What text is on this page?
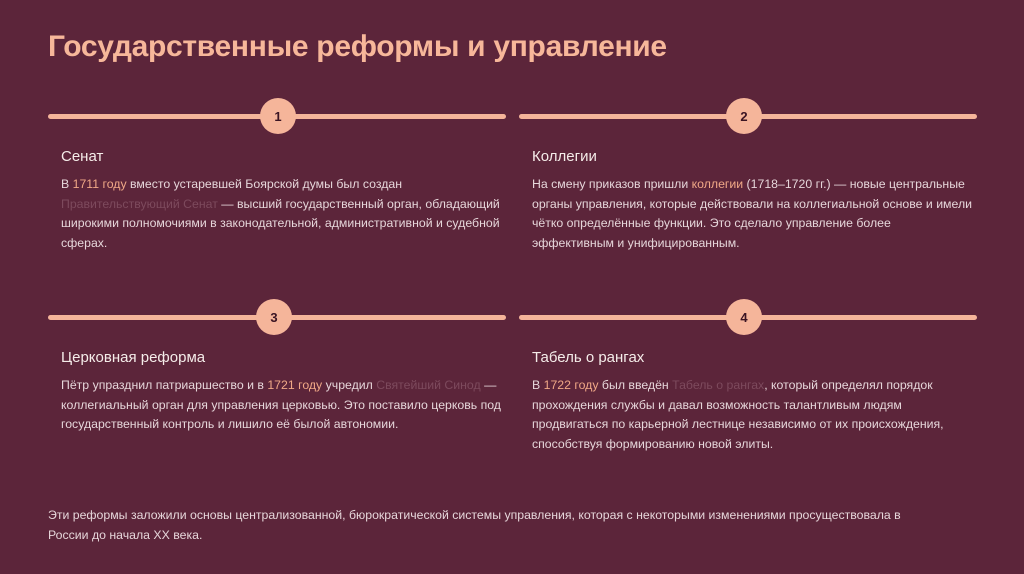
Государственные реформы и управление
1
Сенат

В 1711 году вместо устаревшей Боярской думы был создан Правительствующий Сенат — высший государственный орган, обладающий широкими полномочиями в законодательной, административной и судебной сферах.

2
Коллегии

На смену приказов пришли коллегии (1718–1720 гг.) — новые центральные органы управления, которые действовали на коллегиальной основе и имели чётко определённые функции. Это сделало управление более эффективным и унифицированным.

3
Церковная реформа

Пётр упразднил патриаршество и в 1721 году учредил Святейший Синод — коллегиальный орган для управления церковью. Это поставило церковь под государственный контроль и лишило её былой автономии.

4
Табель о рангах

В 1722 году был введён Табель о рангах, который определял порядок прохождения службы и давал возможность талантливым людям продвигаться по карьерной лестнице независимо от их происхождения, способствуя формированию новой элиты.

Эти реформы заложили основы централизованной, бюрократической системы управления, которая с некоторыми изменениями просуществовала в России до начала XX века.
